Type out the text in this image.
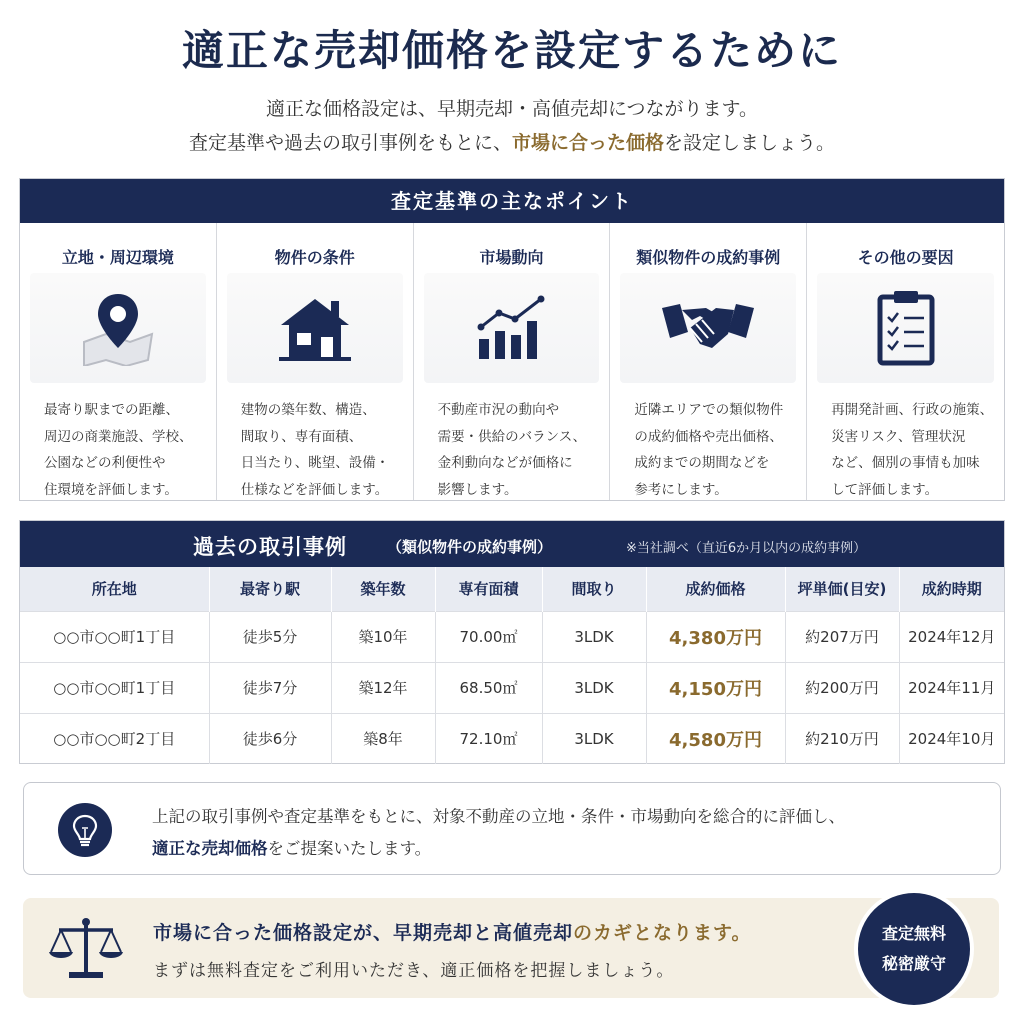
適正な売却価格を設定するために
適正な価格設定は、早期売却・高値売却につながります。
査定基準や過去の取引事例をもとに、市場に合った価格を設定しましょう。
査定基準の主なポイント
立地・周辺環境

最寄り駅までの距離、
周辺の商業施設、学校、
公園などの利便性や
住環境を評価します。

物件の条件

建物の築年数、構造、
間取り、専有面積、
日当たり、眺望、設備・
仕様などを評価します。

市場動向

不動産市況の動向や
需要・供給のバランス、
金利動向などが価格に
影響します。

類似物件の成約事例

近隣エリアでの類似物件
の成約価格や売出価格、
成約までの期間などを
参考にします。

その他の要因

再開発計画、行政の施策、
災害リスク、管理状況
など、個別の事情も加味
して評価します。

過去の取引事例	（類似物件の成約事例）	※当社調べ（直近6か月以内の成約事例）
所在地	最寄り駅	築年数	専有面積	間取り	成約価格	坪単価(目安)	成約時期
○○市○○町1丁目	徒歩5分	築10年	70.00㎡	3LDK	4,380万円	約207万円	2024年12月
○○市○○町1丁目	徒歩7分	築12年	68.50㎡	3LDK	4,150万円	約200万円	2024年11月
○○市○○町2丁目	徒歩6分	築8年	72.10㎡	3LDK	4,580万円	約210万円	2024年10月
上記の取引事例や査定基準をもとに、対象不動産の立地・条件・市場動向を総合的に評価し、
適正な売却価格をご提案いたします。
市場に合った価格設定が、早期売却と高値売却のカギとなります。
まずは無料査定をご利用いただき、適正価格を把握しましょう。
査定無料
秘密厳守
